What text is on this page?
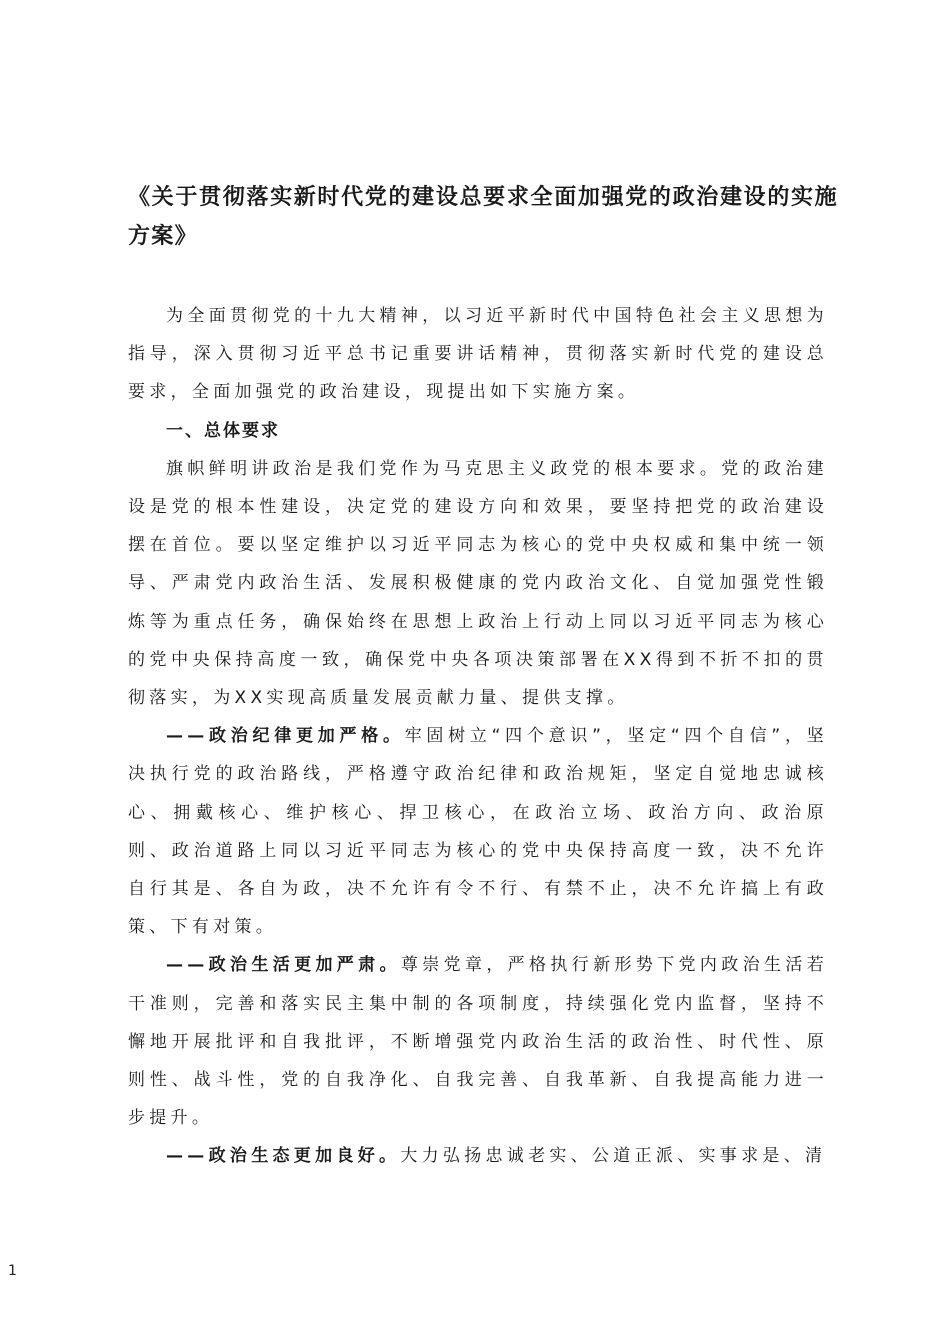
《关于贯彻落实新时代党的建设总要求全面加强党的政治建设的实施方案》

为全面贯彻党的十九大精神，以习近平新时代中国特色社会主义思想为指导，深入贯彻习近平总书记重要讲话精神，贯彻落实新时代党的建设总要求，全面加强党的政治建设，现提出如下实施方案。

一、总体要求

旗帜鲜明讲政治是我们党作为马克思主义政党的根本要求。党的政治建设是党的根本性建设，决定党的建设方向和效果，要坚持把党的政治建设摆在首位。要以坚定维护以习近平同志为核心的党中央权威和集中统一领导、严肃党内政治生活、发展积极健康的党内政治文化、自觉加强党性锻炼等为重点任务，确保始终在思想上政治上行动上同以习近平同志为核心的党中央保持高度一致，确保党中央各项决策部署在XX得到不折不扣的贯彻落实，为XX实现高质量发展贡献力量、提供支撑。

——政治纪律更加严格。牢固树立“四个意识”，坚定“四个自信”，坚决执行党的政治路线，严格遵守政治纪律和政治规矩，坚定自觉地忠诚核心、拥戴核心、维护核心、捍卫核心，在政治立场、政治方向、政治原则、政治道路上同以习近平同志为核心的党中央保持高度一致，决不允许自行其是、各自为政，决不允许有令不行、有禁不止，决不允许搞上有政策、下有对策。

——政治生活更加严肃。尊崇党章，严格执行新形势下党内政治生活若干准则，完善和落实民主集中制的各项制度，持续强化党内监督，坚持不懈地开展批评和自我批评，不断增强党内政治生活的政治性、时代性、原则性、战斗性，党的自我净化、自我完善、自我革新、自我提高能力进一步提升。

——政治生态更加良好。大力弘扬忠诚老实、公道正派、实事求是、清

1
